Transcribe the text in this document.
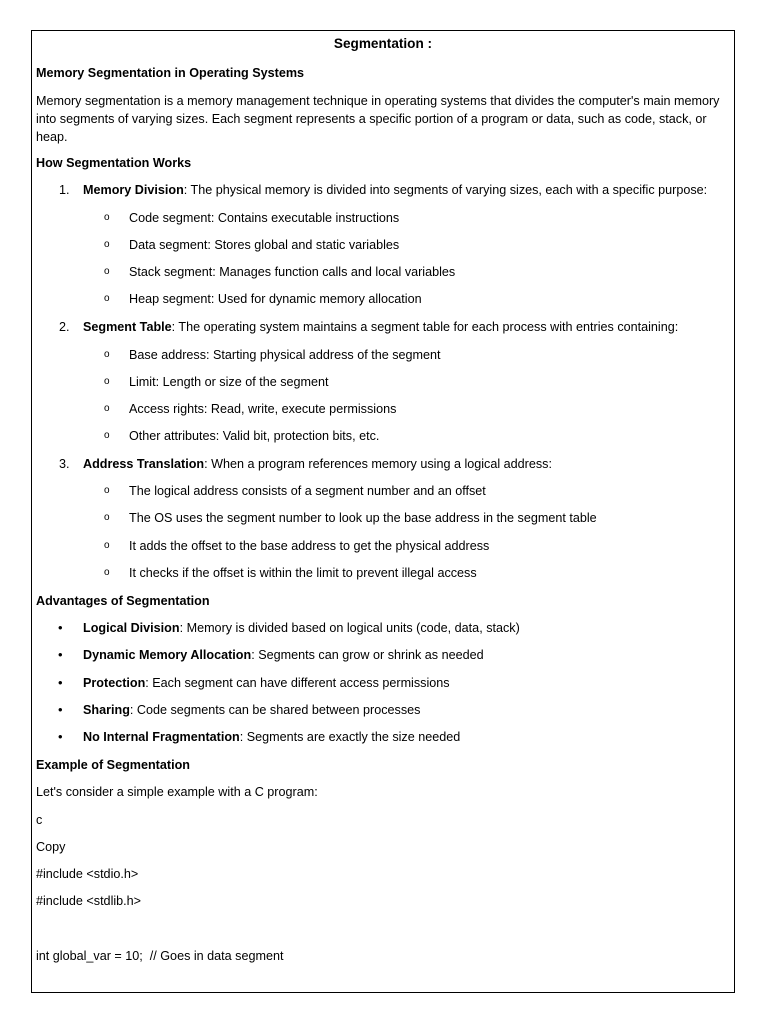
Segmentation :
Memory Segmentation in Operating Systems
Memory segmentation is a memory management technique in operating systems that divides the computer's main memory into segments of varying sizes. Each segment represents a specific portion of a program or data, such as code, stack, or heap.
How Segmentation Works
1. Memory Division: The physical memory is divided into segments of varying sizes, each with a specific purpose:
o Code segment: Contains executable instructions
o Data segment: Stores global and static variables
o Stack segment: Manages function calls and local variables
o Heap segment: Used for dynamic memory allocation
2. Segment Table: The operating system maintains a segment table for each process with entries containing:
o Base address: Starting physical address of the segment
o Limit: Length or size of the segment
o Access rights: Read, write, execute permissions
o Other attributes: Valid bit, protection bits, etc.
3. Address Translation: When a program references memory using a logical address:
o The logical address consists of a segment number and an offset
o The OS uses the segment number to look up the base address in the segment table
o It adds the offset to the base address to get the physical address
o It checks if the offset is within the limit to prevent illegal access
Advantages of Segmentation
• Logical Division: Memory is divided based on logical units (code, data, stack)
• Dynamic Memory Allocation: Segments can grow or shrink as needed
• Protection: Each segment can have different access permissions
• Sharing: Code segments can be shared between processes
• No Internal Fragmentation: Segments are exactly the size needed
Example of Segmentation
Let's consider a simple example with a C program:
c
Copy
#include <stdio.h>
#include <stdlib.h>
int global_var = 10;  // Goes in data segment
